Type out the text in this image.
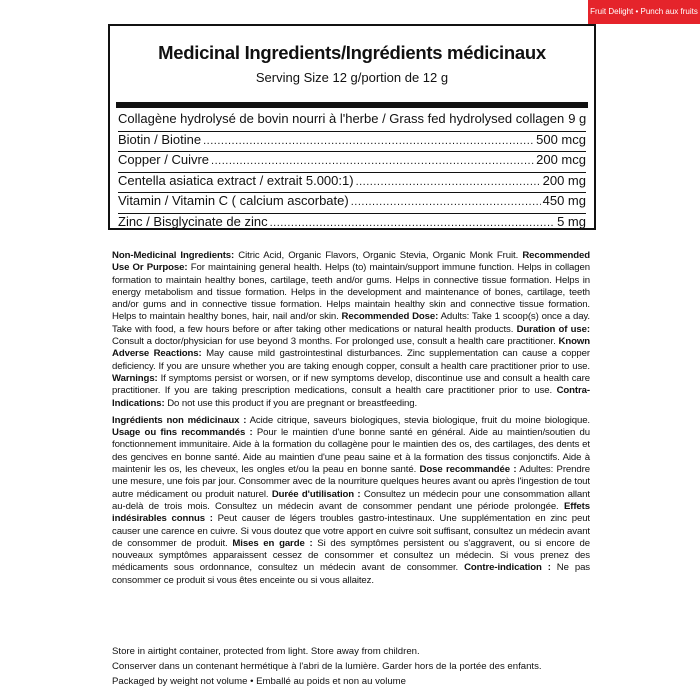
Fruit Delight • Punch aux fruits
Medicinal Ingredients/Ingrédients médicinaux
Serving Size 12 g/portion de 12 g
Collagène hydrolysé de bovin nourri à l'herbe / Grass fed hydrolysed collagen 9 g
Biotin / Biotine .....	500 mcg
Copper / Cuivre .....	200 mcg
Centella asiatica extract / extrait 5.000:1) .....	200 mg
Vitamin / Vitamin C ( calcium ascorbate) .....	450 mg
Zinc / Bisglycinate de zinc .....	5 mg

Non-Medicinal Ingredients: Citric Acid, Organic Flavors, Organic Stevia, Organic Monk Fruit. Recommended Use Or Purpose: For maintaining general health. Helps (to) maintain/support immune function. Helps in collagen formation to maintain healthy bones, cartilage, teeth and/or gums. Helps in connective tissue formation. Helps in energy metabolism and tissue formation. Helps in the development and maintenance of bones, cartilage, teeth and/or gums and in connective tissue formation. Helps maintain healthy skin and connective tissue formation. Helps to maintain healthy bones, hair, nail and/or skin. Recommended Dose: Adults: Take 1 scoop(s) once a day. Take with food, a few hours before or after taking other medications or natural health products. Duration of use: Consult a doctor/physician for use beyond 3 months. For prolonged use, consult a health care practitioner. Known Adverse Reactions: May cause mild gastrointestinal disturbances. Zinc supplementation can cause a copper deficiency. If you are unsure whether you are taking enough copper, consult a health care practitioner prior to use. Warnings: If symptoms persist or worsen, or if new symptoms develop, discontinue use and consult a health care practitioner. If you are taking prescription medications, consult a health care practitioner prior to use. Contra-Indications: Do not use this product if you are pregnant or breastfeeding.

Ingrédients non médicinaux : Acide citrique, saveurs biologiques, stevia biologique, fruit du moine biologique. Usage ou fins recommandés : Pour le maintien d'une bonne santé en général. Aide au maintien/soutien du fonctionnement immunitaire. Aide à la formation du collagène pour le maintien des os, des cartilages, des dents et des gencives en bonne santé. Aide au maintien d'une peau saine et à la formation des tissus conjonctifs. Aide à maintenir les os, les cheveux, les ongles et/ou la peau en bonne santé. Dose recommandée : Adultes: Prendre une mesure, une fois par jour. Consommer avec de la nourriture quelques heures avant ou après l'ingestion de tout autre médicament ou produit naturel. Durée d'utilisation : Consultez un médecin pour une consommation allant au-delà de trois mois. Consultez un médecin avant de consommer pendant une période prolongée. Effets indésirables connus : Peut causer de légers troubles gastro-intestinaux. Une supplémentation en zinc peut causer une carence en cuivre. Si vous doutez que votre apport en cuivre soit suffisant, consultez un médecin avant de consommer de produit. Mises en garde : Si des symptômes persistent ou s'aggravent, ou si encore de nouveaux symptômes apparaissent cessez de consommer et consultez un médecin. Si vous prenez des médicaments sous ordonnance, consultez un médecin avant de consommer. Contre-indication : Ne pas consommer ce produit si vous êtes enceinte ou si vous allaitez.

Store in airtight container, protected from light. Store away from children.
Conserver dans un contenant hermétique à l'abri de la lumière. Garder hors de la portée des enfants.
Packaged by weight not volume • Emballé au poids et non au volume
